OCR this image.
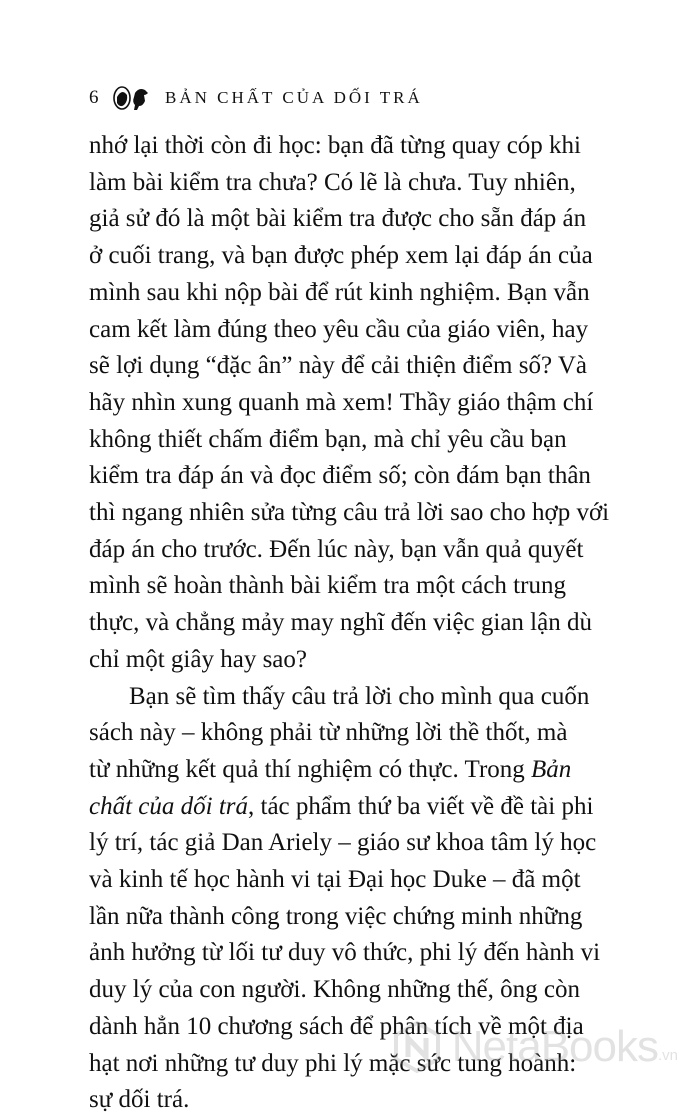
6	BẢN CHẤT CỦA DỐI TRÁ

nhớ lại thời còn đi học: bạn đã từng quay cóp khi
làm bài kiểm tra chưa? Có lẽ là chưa. Tuy nhiên,
giả sử đó là một bài kiểm tra được cho sẵn đáp án
ở cuối trang, và bạn được phép xem lại đáp án của
mình sau khi nộp bài để rút kinh nghiệm. Bạn vẫn
cam kết làm đúng theo yêu cầu của giáo viên, hay
sẽ lợi dụng “đặc ân” này để cải thiện điểm số? Và
hãy nhìn xung quanh mà xem! Thầy giáo thậm chí
không thiết chấm điểm bạn, mà chỉ yêu cầu bạn
kiểm tra đáp án và đọc điểm số; còn đám bạn thân
thì ngang nhiên sửa từng câu trả lời sao cho hợp với
đáp án cho trước. Đến lúc này, bạn vẫn quả quyết
mình sẽ hoàn thành bài kiểm tra một cách trung
thực, và chẳng mảy may nghĩ đến việc gian lận dù
chỉ một giây hay sao?

Bạn sẽ tìm thấy câu trả lời cho mình qua cuốn
sách này – không phải từ những lời thề thốt, mà
từ những kết quả thí nghiệm có thực. Trong Bản
chất của dối trá, tác phẩm thứ ba viết về đề tài phi
lý trí, tác giả Dan Ariely – giáo sư khoa tâm lý học
và kinh tế học hành vi tại Đại học Duke – đã một
lần nữa thành công trong việc chứng minh những
ảnh hưởng từ lối tư duy vô thức, phi lý đến hành vi
duy lý của con người. Không những thế, ông còn
dành hẳn 10 chương sách để phân tích về một địa
hạt nơi những tư duy phi lý mặc sức tung hoành:
sự dối trá.

NetaBooks .vn
